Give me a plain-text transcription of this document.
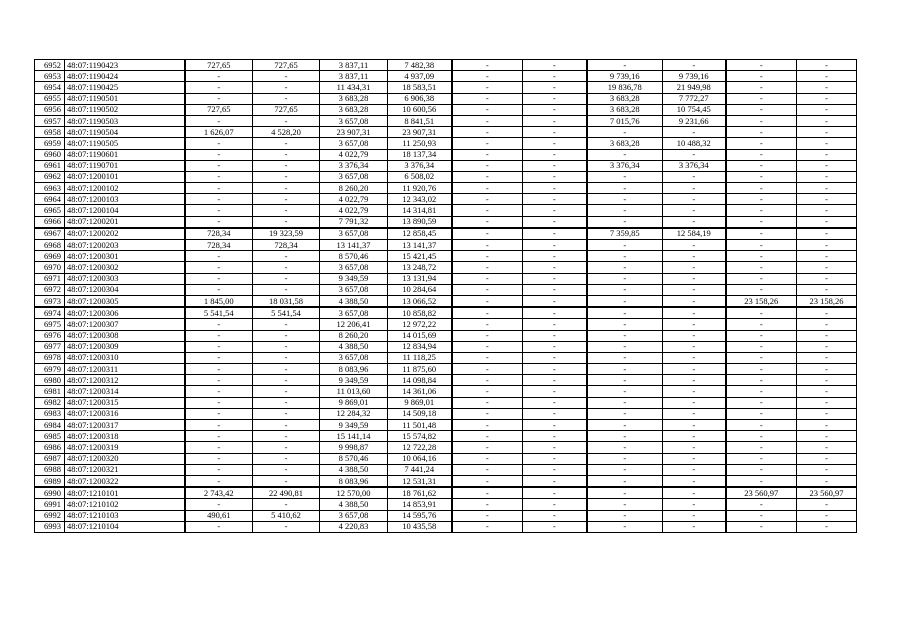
6952	48:07:1190423	727,65	727,65	3 837,11	7 482,38	-	-	-	-	-	-
6953	48:07:1190424	-	-	3 837,11	4 937,09	-	-	9 739,16	9 739,16	-	-
6954	48:07:1190425	-	-	11 434,31	18 583,51	-	-	19 836,78	21 949,98	-	-
6955	48:07:1190501	-	-	3 683,28	6 906,38	-	-	3 683,28	7 772,27	-	-
6956	48:07:1190502	727,65	727,65	3 683,28	10 600,56	-	-	3 683,28	10 754,45	-	-
6957	48:07:1190503	-	-	3 657,08	8 841,51	-	-	7 015,76	9 231,66	-	-
6958	48:07:1190504	1 626,07	4 528,20	23 907,31	23 907,31	-	-	-	-	-	-
6959	48:07:1190505	-	-	3 657,08	11 250,93	-	-	3 683,28	10 488,32	-	-
6960	48:07:1190601	-	-	4 022,79	18 137,34	-	-	-	-	-	-
6961	48:07:1190701	-	-	3 376,34	3 376,34	-	-	3 376,34	3 376,34	-	-
6962	48:07:1200101	-	-	3 657,08	6 508,02	-	-	-	-	-	-
6963	48:07:1200102	-	-	8 260,20	11 920,76	-	-	-	-	-	-
6964	48:07:1200103	-	-	4 022,79	12 343,02	-	-	-	-	-	-
6965	48:07:1200104	-	-	4 022,79	14 314,81	-	-	-	-	-	-
6966	48:07:1200201	-	-	7 791,32	13 890,59	-	-	-	-	-	-
6967	48:07:1200202	728,34	19 323,59	3 657,08	12 858,45	-	-	7 359,85	12 584,19	-	-
6968	48:07:1200203	728,34	728,34	13 141,37	13 141,37	-	-	-	-	-	-
6969	48:07:1200301	-	-	8 570,46	15 421,45	-	-	-	-	-	-
6970	48:07:1200302	-	-	3 657,08	13 248,72	-	-	-	-	-	-
6971	48:07:1200303	-	-	9 349,59	13 131,94	-	-	-	-	-	-
6972	48:07:1200304	-	-	3 657,08	10 284,64	-	-	-	-	-	-
6973	48:07:1200305	1 845,00	18 031,58	4 388,50	13 066,52	-	-	-	-	23 158,26	23 158,26
6974	48:07:1200306	5 541,54	5 541,54	3 657,08	10 858,82	-	-	-	-	-	-
6975	48:07:1200307	-	-	12 206,41	12 972,22	-	-	-	-	-	-
6976	48:07:1200308	-	-	8 260,20	14 015,69	-	-	-	-	-	-
6977	48:07:1200309	-	-	4 388,50	12 834,94	-	-	-	-	-	-
6978	48:07:1200310	-	-	3 657,08	11 118,25	-	-	-	-	-	-
6979	48:07:1200311	-	-	8 083,96	11 875,60	-	-	-	-	-	-
6980	48:07:1200312	-	-	9 349,59	14 098,84	-	-	-	-	-	-
6981	48:07:1200314	-	-	11 013,60	14 361,06	-	-	-	-	-	-
6982	48:07:1200315	-	-	9 869,01	9 869,01	-	-	-	-	-	-
6983	48:07:1200316	-	-	12 284,32	14 509,18	-	-	-	-	-	-
6984	48:07:1200317	-	-	9 349,59	11 501,48	-	-	-	-	-	-
6985	48:07:1200318	-	-	15 141,14	15 574,82	-	-	-	-	-	-
6986	48:07:1200319	-	-	9 998,87	12 722,28	-	-	-	-	-	-
6987	48:07:1200320	-	-	8 570,46	10 064,16	-	-	-	-	-	-
6988	48:07:1200321	-	-	4 388,50	7 441,24	-	-	-	-	-	-
6989	48:07:1200322	-	-	8 083,96	12 531,31	-	-	-	-	-	-
6990	48:07:1210101	2 743,42	22 490,81	12 570,00	18 761,62	-	-	-	-	23 560,97	23 560,97
6991	48:07:1210102	-	-	4 388,50	14 853,91	-	-	-	-	-	-
6992	48:07:1210103	490,61	5 410,62	3 657,08	14 595,76	-	-	-	-	-	-
6993	48:07:1210104	-	-	4 220,83	10 435,58	-	-	-	-	-	-
